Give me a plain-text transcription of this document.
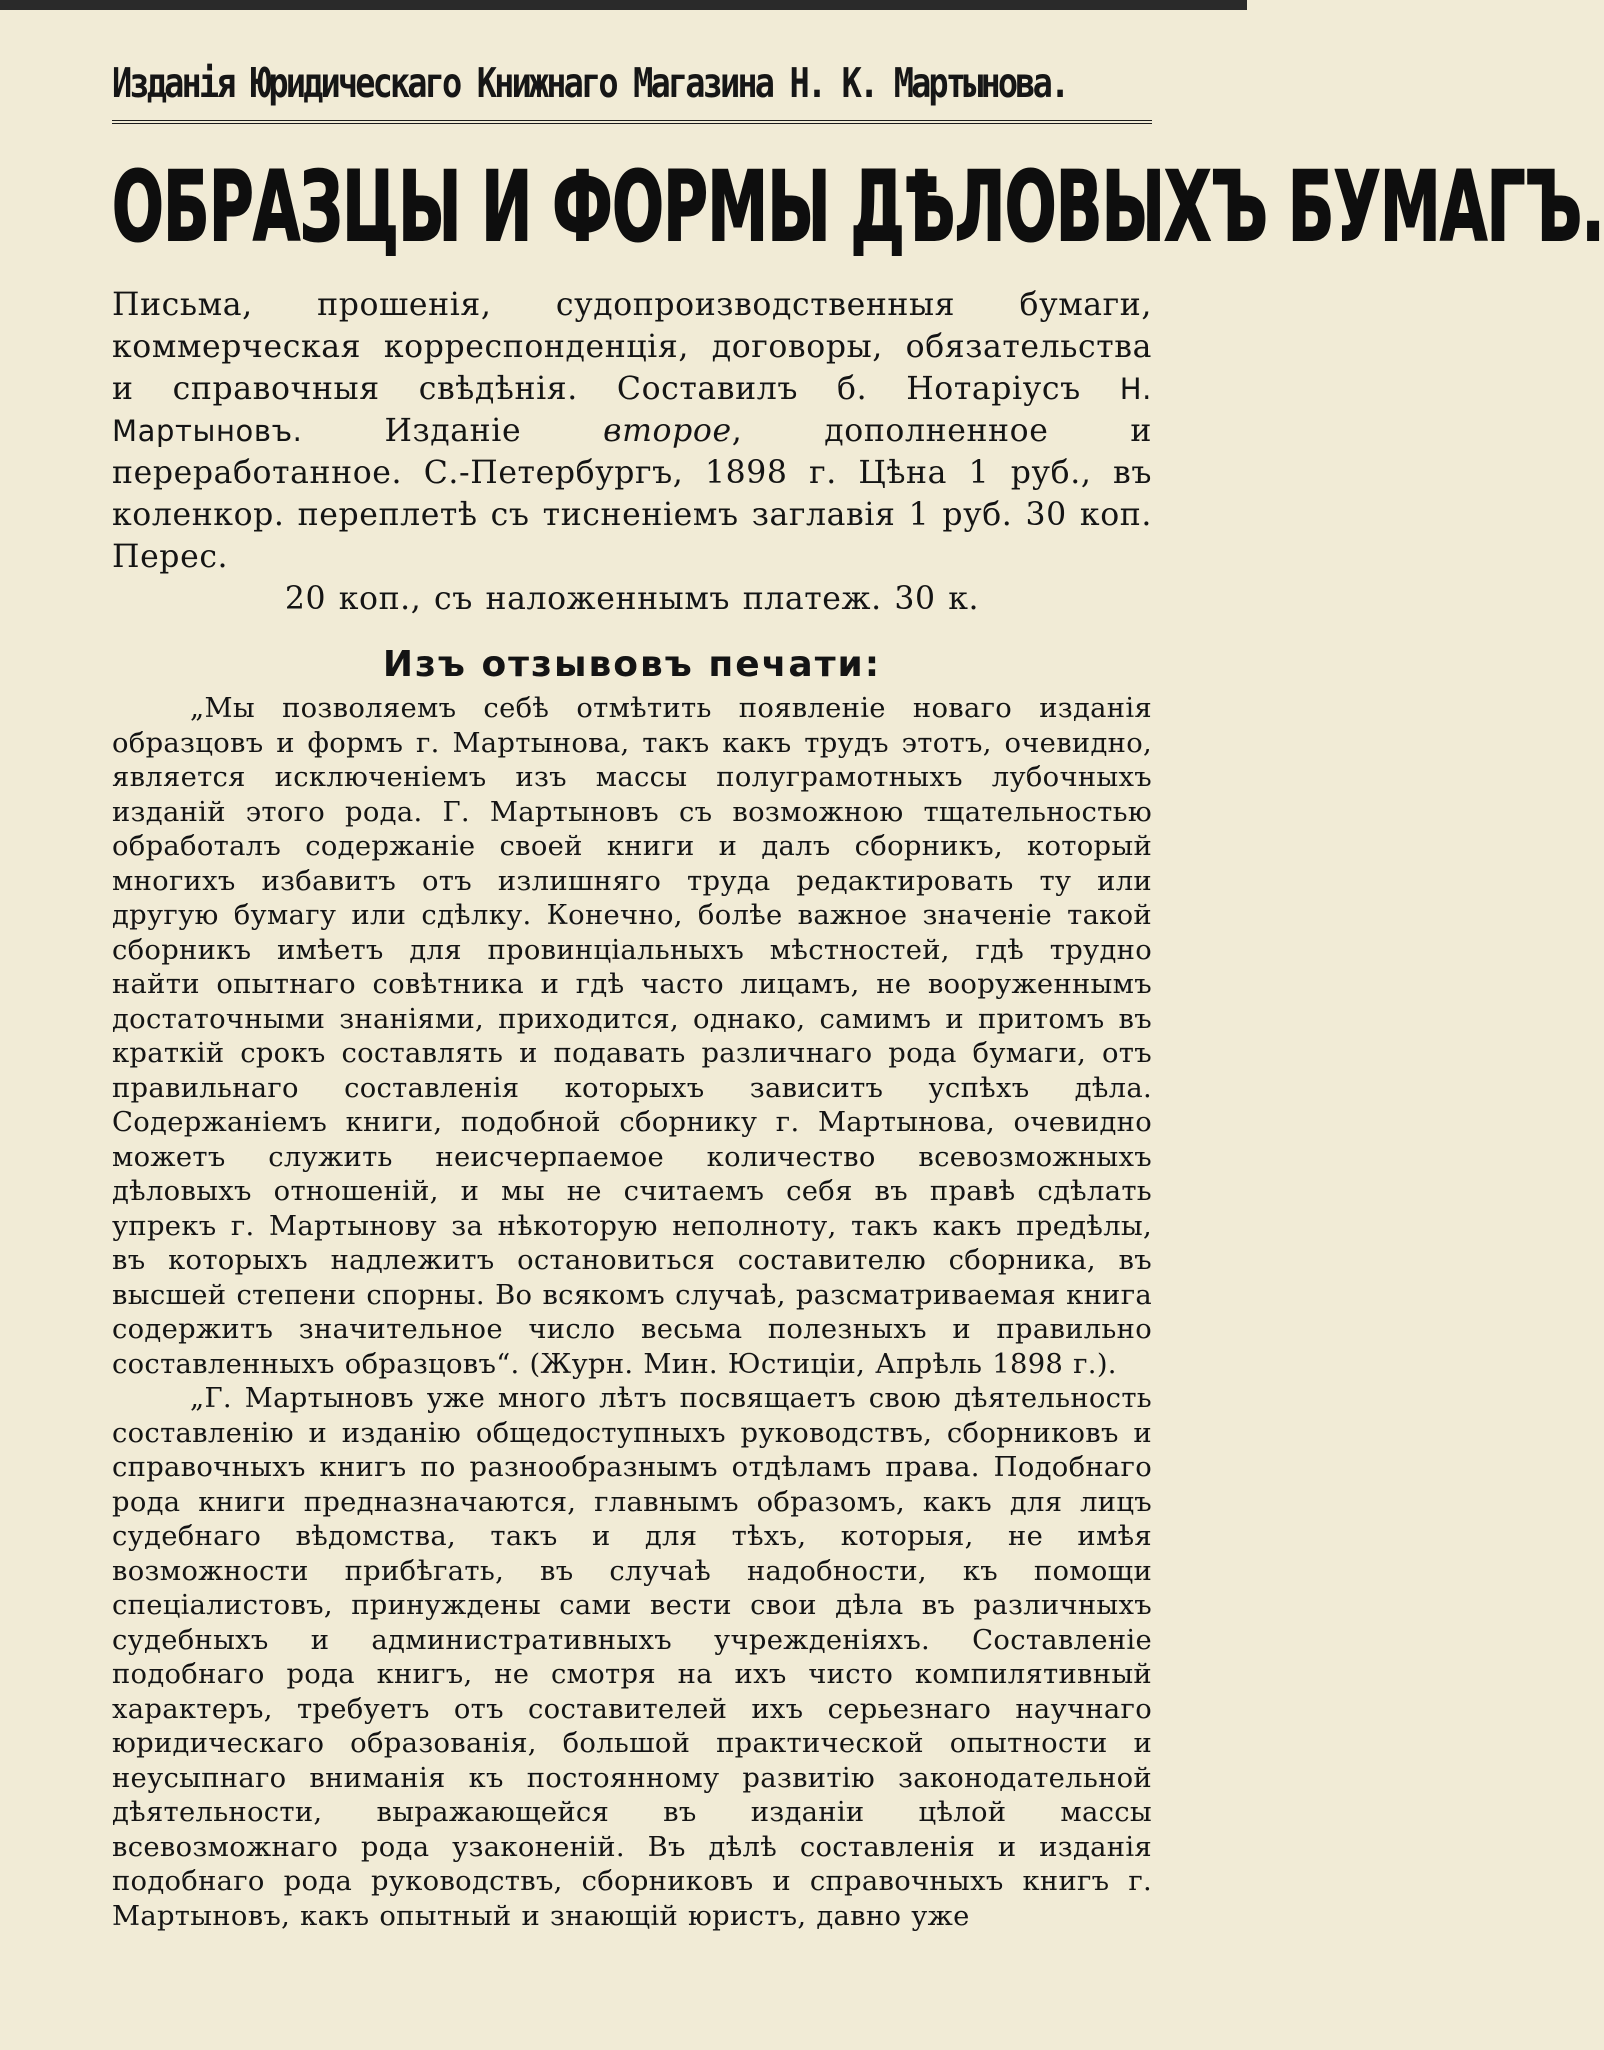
Изданія Юридическаго Книжнаго Магазина Н. К. Мартынова.
ОБРАЗЦЫ И ФОРМЫ ДѢЛОВЫХЪ БУМАГЪ.
Письма, прошенія, судопроизводственныя бумаги, коммерческая корреспонденція, договоры, обязательства и справочныя свѣдѣнія. Составилъ б. Нотаріусъ Н. Мартыновъ. Изданіе второе, дополненное и переработанное. С.-Петербургъ, 1898 г. Цѣна 1 руб., въ коленкор. переплетѣ съ тисненіемъ заглавія 1 руб. 30 коп. Перес.
20 коп., съ наложеннымъ платеж. 30 к.
Изъ отзывовъ печати:

„Мы позволяемъ себѣ отмѣтить появленіе новаго изданія образцовъ и формъ г. Мартынова, такъ какъ трудъ этотъ, очевидно, является исключеніемъ изъ массы полуграмотныхъ лубочныхъ изданій этого рода. Г. Мартыновъ съ возможною тщательностью обработалъ содержаніе своей книги и далъ сборникъ, который многихъ избавитъ отъ излишняго труда редактировать ту или другую бумагу или сдѣлку. Конечно, болѣе важное значеніе такой сборникъ имѣетъ для провинціальныхъ мѣстностей, гдѣ трудно найти опытнаго совѣтника и гдѣ часто лицамъ, не вооруженнымъ достаточными знаніями, приходится, однако, самимъ и притомъ въ краткій срокъ составлять и подавать различнаго рода бумаги, отъ правильнаго составленія которыхъ зависитъ успѣхъ дѣла. Содержаніемъ книги, подобной сборнику г. Мартынова, очевидно можетъ служить неисчерпаемое количество всевозможныхъ дѣловыхъ отношеній, и мы не считаемъ себя въ правѣ сдѣлать упрекъ г. Мартынову за нѣкоторую неполноту, такъ какъ предѣлы, въ которыхъ надлежитъ остановиться составителю сборника, въ высшей степени спорны. Во всякомъ случаѣ, разсматриваемая книга содержитъ значительное число весьма полезныхъ и правильно составленныхъ образцовъ“. (Журн. Мин. Юстиціи, Апрѣль 1898 г.).

„Г. Мартыновъ уже много лѣтъ посвящаетъ свою дѣятельность составленію и изданію общедоступныхъ руководствъ, сборниковъ и справочныхъ книгъ по разнообразнымъ отдѣламъ права. Подобнаго рода книги предназначаются, главнымъ образомъ, какъ для лицъ судебнаго вѣдомства, такъ и для тѣхъ, которыя, не имѣя возможности прибѣгать, въ случаѣ надобности, къ помощи спеціалистовъ, принуждены сами вести свои дѣла въ различныхъ судебныхъ и административныхъ учрежденіяхъ. Составленіе подобнаго рода книгъ, не смотря на ихъ чисто компилятивный характеръ, требуетъ отъ составителей ихъ серьезнаго научнаго юридическаго образованія, большой практической опытности и неусыпнаго вниманія къ постоянному развитію законодательной дѣятельности, выражающейся въ изданіи цѣлой массы всевозможнаго рода узаконеній. Въ дѣлѣ составленія и изданія подобнаго рода руководствъ, сборниковъ и справочныхъ книгъ г. Мартыновъ, какъ опытный и знающій юристъ, давно уже
